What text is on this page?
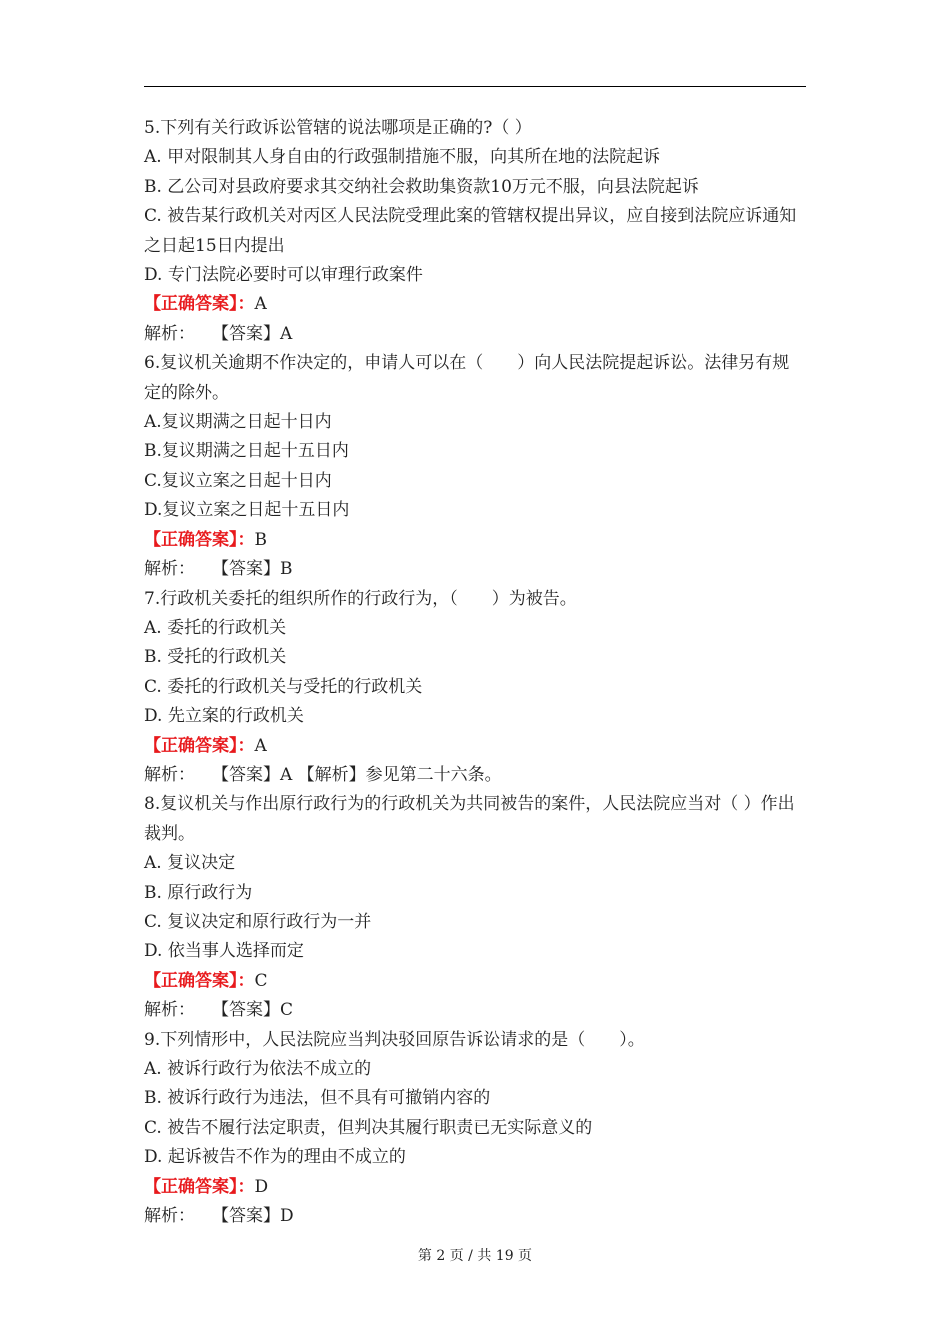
5.下列有关行政诉讼管辖的说法哪项是正确的?（ ）
A. 甲对限制其人身自由的行政强制措施不服，向其所在地的法院起诉
B. 乙公司对县政府要求其交纳社会救助集资款10万元不服，向县法院起诉
C. 被告某行政机关对丙区人民法院受理此案的管辖权提出异议，应自接到法院应诉通知之日起15日内提出
D. 专门法院必要时可以审理行政案件
【正确答案】：A
解析：　　【答案】A
6.复议机关逾期不作决定的，申请人可以在（　　）向人民法院提起诉讼。法律另有规定的除外。
A.复议期满之日起十日内
B.复议期满之日起十五日内
C.复议立案之日起十日内
D.复议立案之日起十五日内
【正确答案】：B
解析：　　【答案】B
7.行政机关委托的组织所作的行政行为，（　　）为被告。
A. 委托的行政机关
B. 受托的行政机关
C. 委托的行政机关与受托的行政机关
D. 先立案的行政机关
【正确答案】：A
解析：　　【答案】A 【解析】参见第二十六条。
8.复议机关与作出原行政行为的行政机关为共同被告的案件，人民法院应当对（ ）作出裁判。
A. 复议决定
B. 原行政行为
C. 复议决定和原行政行为一并
D. 依当事人选择而定
【正确答案】：C
解析：　　【答案】C
9.下列情形中，人民法院应当判决驳回原告诉讼请求的是（　　）。
A. 被诉行政行为依法不成立的
B. 被诉行政行为违法，但不具有可撤销内容的
C. 被告不履行法定职责，但判决其履行职责已无实际意义的
D. 起诉被告不作为的理由不成立的
【正确答案】：D
解析：　　【答案】D
第 2 页 / 共 19 页
